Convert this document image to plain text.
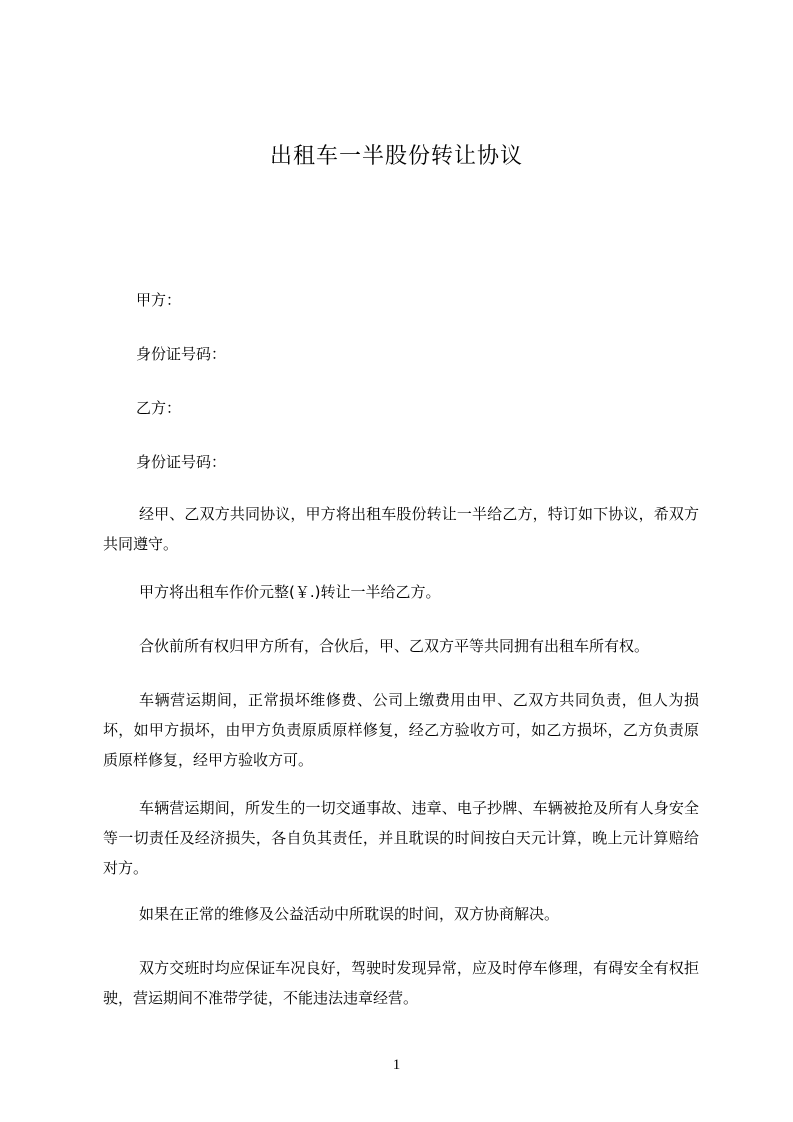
出租车一半股份转让协议
甲方：
身份证号码：
乙方：
身份证号码：
经甲、乙双方共同协议，甲方将出租车股份转让一半给乙方，特订如下协议，希双方共同遵守。
甲方将出租车作价元整(￥.)转让一半给乙方。
合伙前所有权归甲方所有，合伙后，甲、乙双方平等共同拥有出租车所有权。
车辆营运期间，正常损坏维修费、公司上缴费用由甲、乙双方共同负责，但人为损坏，如甲方损坏，由甲方负责原质原样修复，经乙方验收方可，如乙方损坏，乙方负责原质原样修复，经甲方验收方可。
车辆营运期间，所发生的一切交通事故、违章、电子抄牌、车辆被抢及所有人身安全等一切责任及经济损失，各自负其责任，并且耽误的时间按白天元计算，晚上元计算赔给对方。
如果在正常的维修及公益活动中所耽误的时间，双方协商解决。
双方交班时均应保证车况良好，驾驶时发现异常，应及时停车修理，有碍安全有权拒驶，营运期间不准带学徒，不能违法违章经营。
1
